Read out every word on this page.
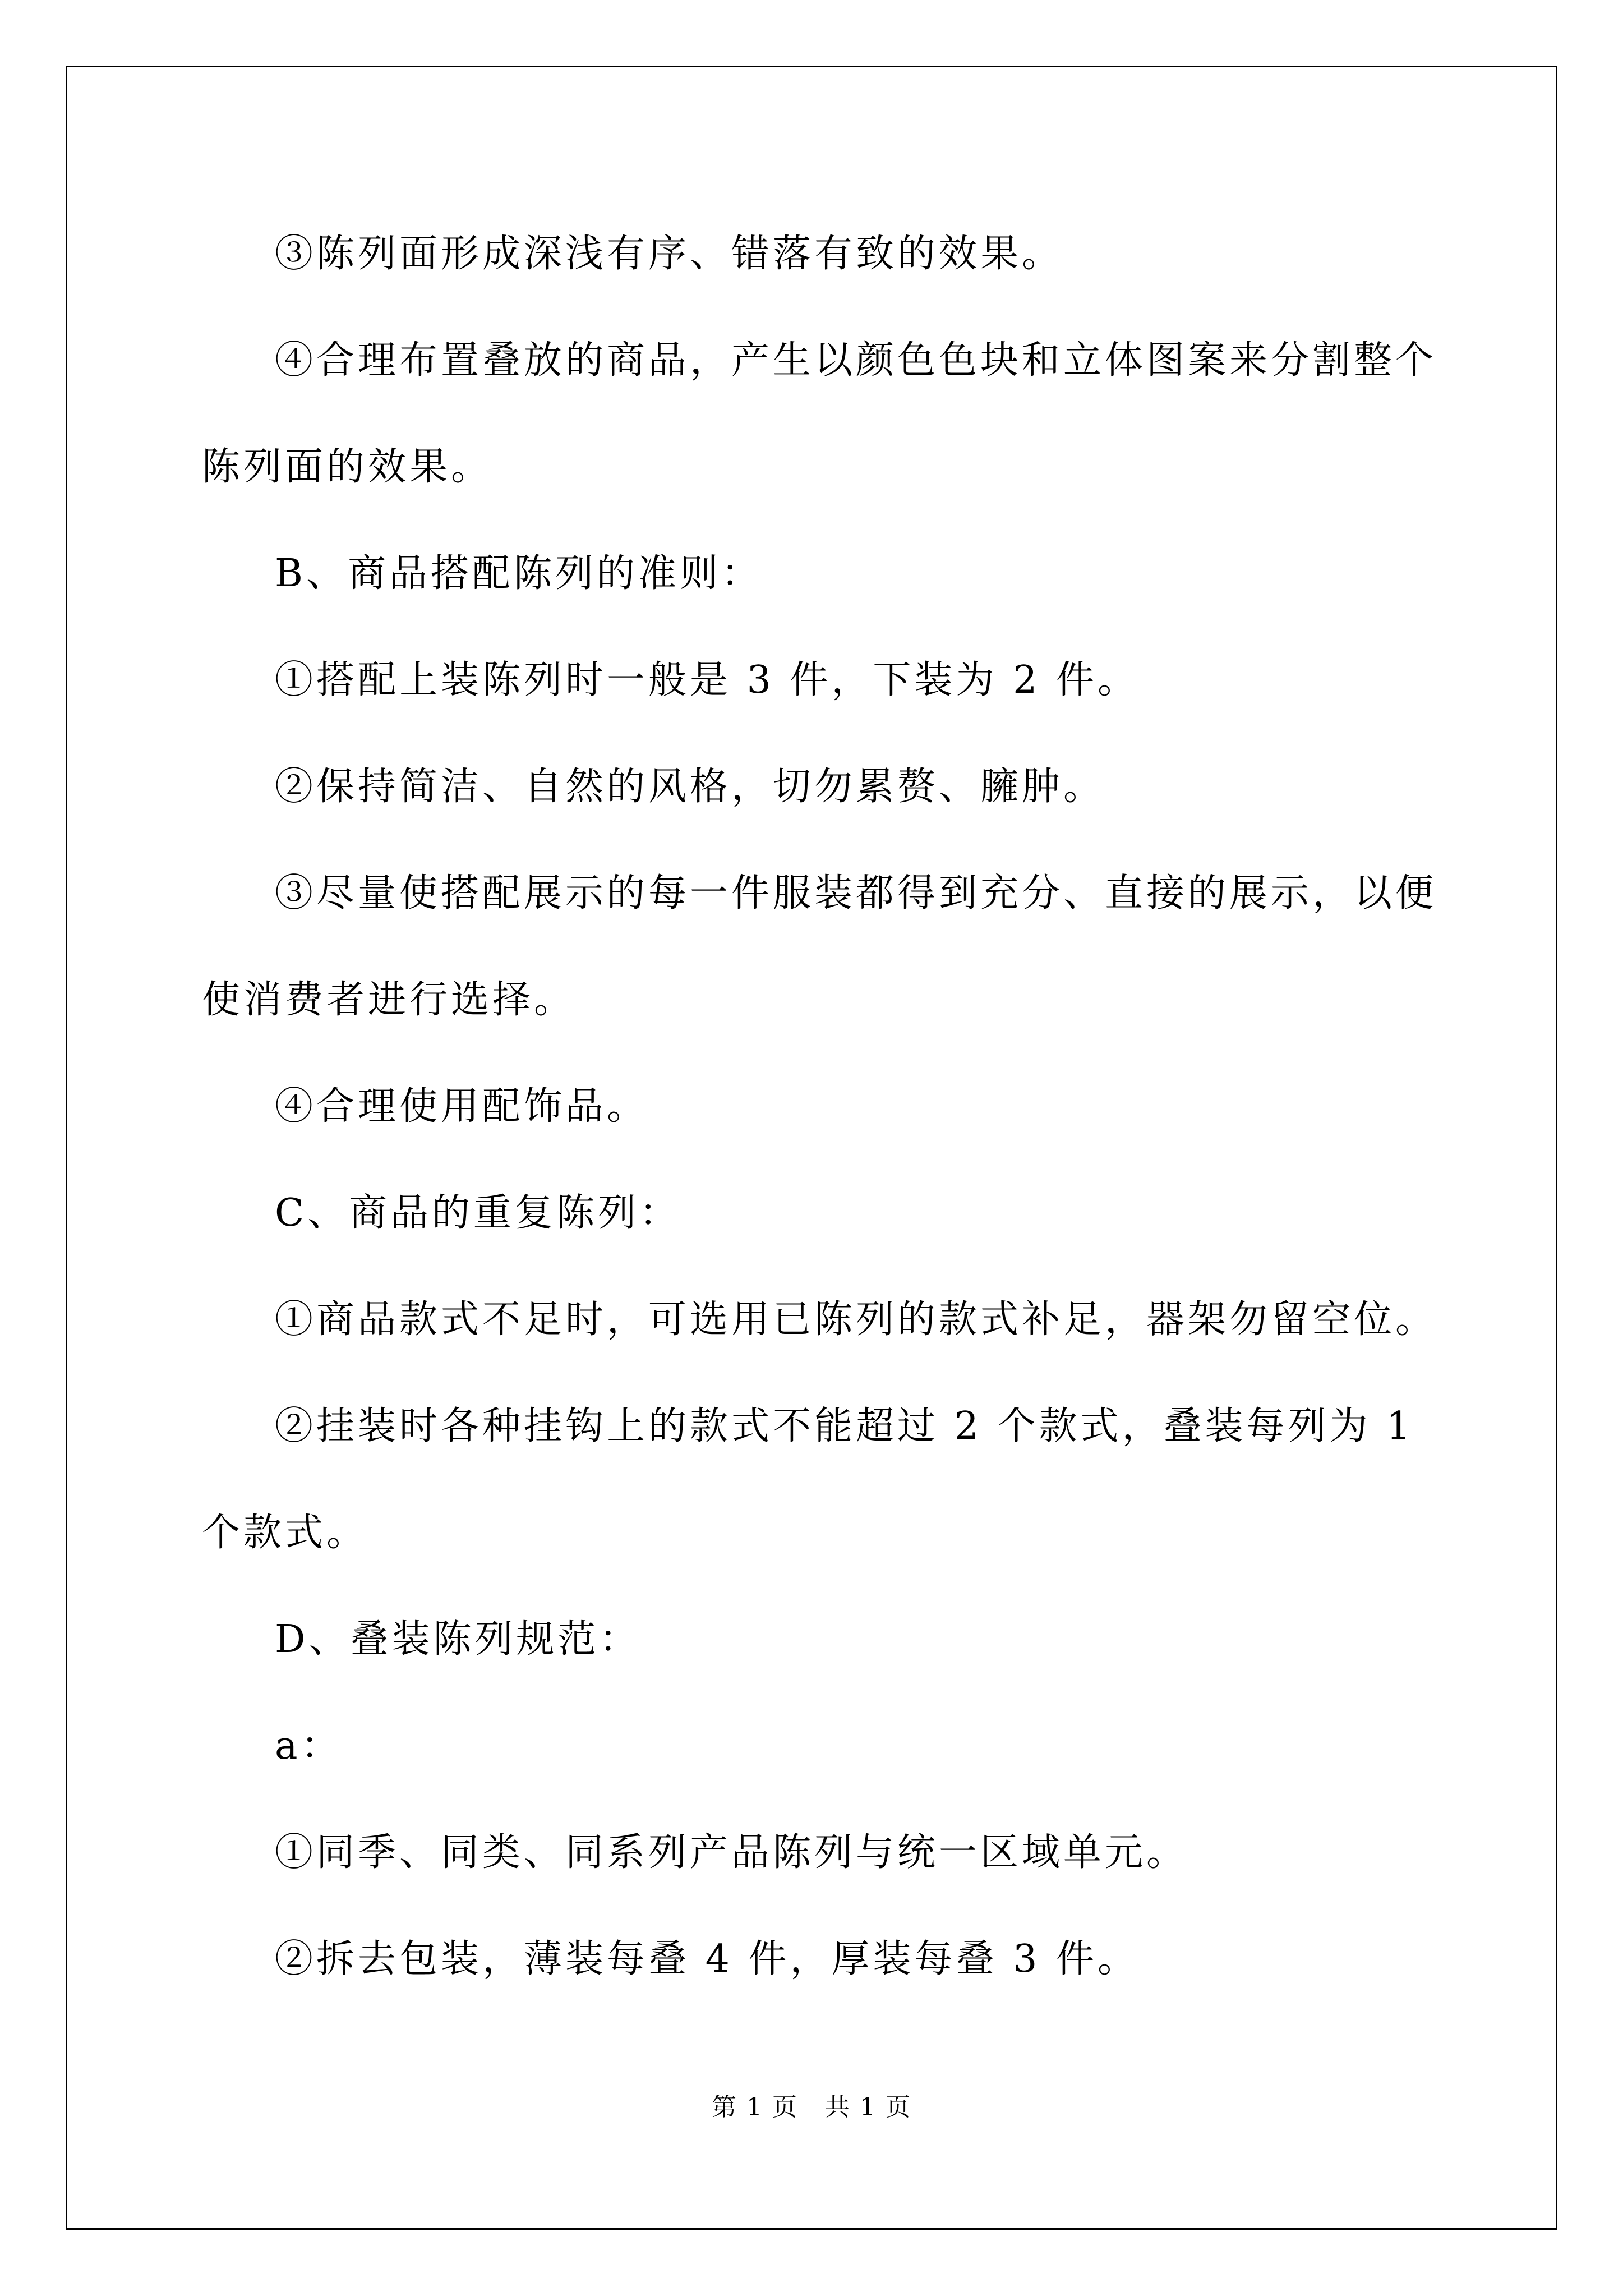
③陈列面形成深浅有序、错落有致的效果。

④合理布置叠放的商品，产生以颜色色块和立体图案来分割整个陈列面的效果。

B、商品搭配陈列的准则：

①搭配上装陈列时一般是 3 件，下装为 2 件。

②保持简洁、自然的风格，切勿累赘、臃肿。

③尽量使搭配展示的每一件服装都得到充分、直接的展示，以便使消费者进行选择。

④合理使用配饰品。

C、商品的重复陈列：

①商品款式不足时，可选用已陈列的款式补足，器架勿留空位。

②挂装时各种挂钩上的款式不能超过 2 个款式，叠装每列为 1 个款式。

D、叠装陈列规范：

a：

①同季、同类、同系列产品陈列与统一区域单元。

②拆去包装，薄装每叠 4 件，厚装每叠 3 件。

第 1 页 共 1 页
